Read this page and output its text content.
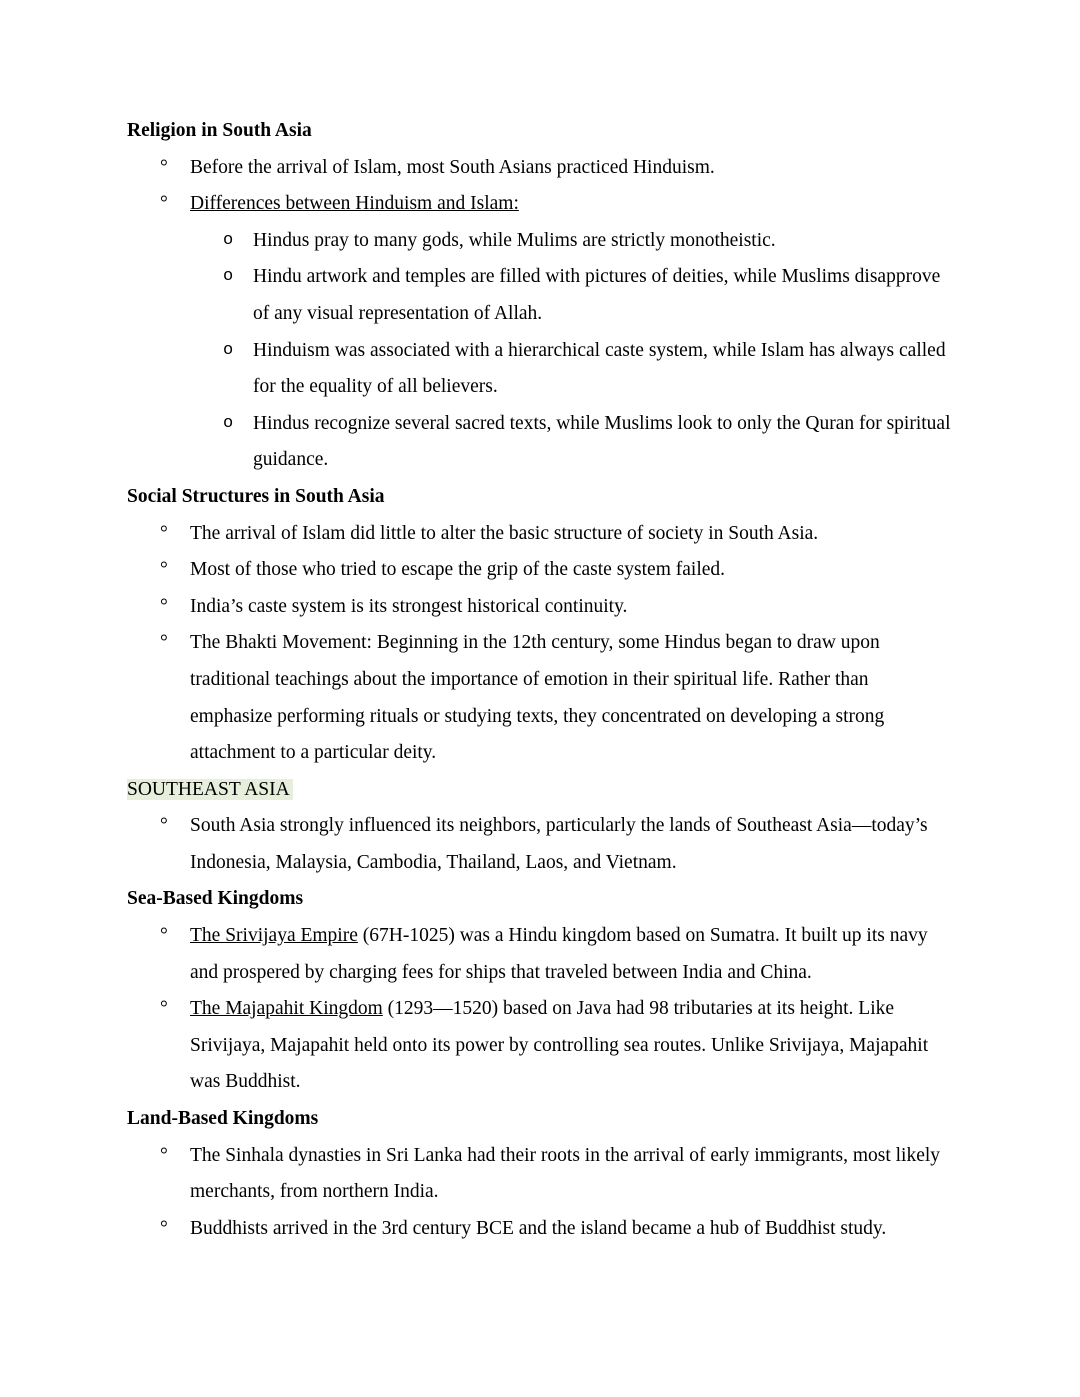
Religion in South Asia
° Before the arrival of Islam, most South Asians practiced Hinduism.
° Differences between Hinduism and Islam:
o Hindus pray to many gods, while Mulims are strictly monotheistic.
o Hindu artwork and temples are filled with pictures of deities, while Muslims disapprove of any visual representation of Allah.
o Hinduism was associated with a hierarchical caste system, while Islam has always called for the equality of all believers.
o Hindus recognize several sacred texts, while Muslims look to only the Quran for spiritual guidance.
Social Structures in South Asia
° The arrival of Islam did little to alter the basic structure of society in South Asia.
° Most of those who tried to escape the grip of the caste system failed.
° India’s caste system is its strongest historical continuity.
° The Bhakti Movement: Beginning in the 12th century, some Hindus began to draw upon traditional teachings about the importance of emotion in their spiritual life. Rather than emphasize performing rituals or studying texts, they concentrated on developing a strong attachment to a particular deity.
SOUTHEAST ASIA
° South Asia strongly influenced its neighbors, particularly the lands of Southeast Asia—today’s Indonesia, Malaysia, Cambodia, Thailand, Laos, and Vietnam.
Sea-Based Kingdoms
° The Srivijaya Empire (67H-1025) was a Hindu kingdom based on Sumatra. It built up its navy and prospered by charging fees for ships that traveled between India and China.
° The Majapahit Kingdom (1293—1520) based on Java had 98 tributaries at its height. Like Srivijaya, Majapahit held onto its power by controlling sea routes. Unlike Srivijaya, Majapahit was Buddhist.
Land-Based Kingdoms
° The Sinhala dynasties in Sri Lanka had their roots in the arrival of early immigrants, most likely merchants, from northern India.
° Buddhists arrived in the 3rd century BCE and the island became a hub of Buddhist study.
